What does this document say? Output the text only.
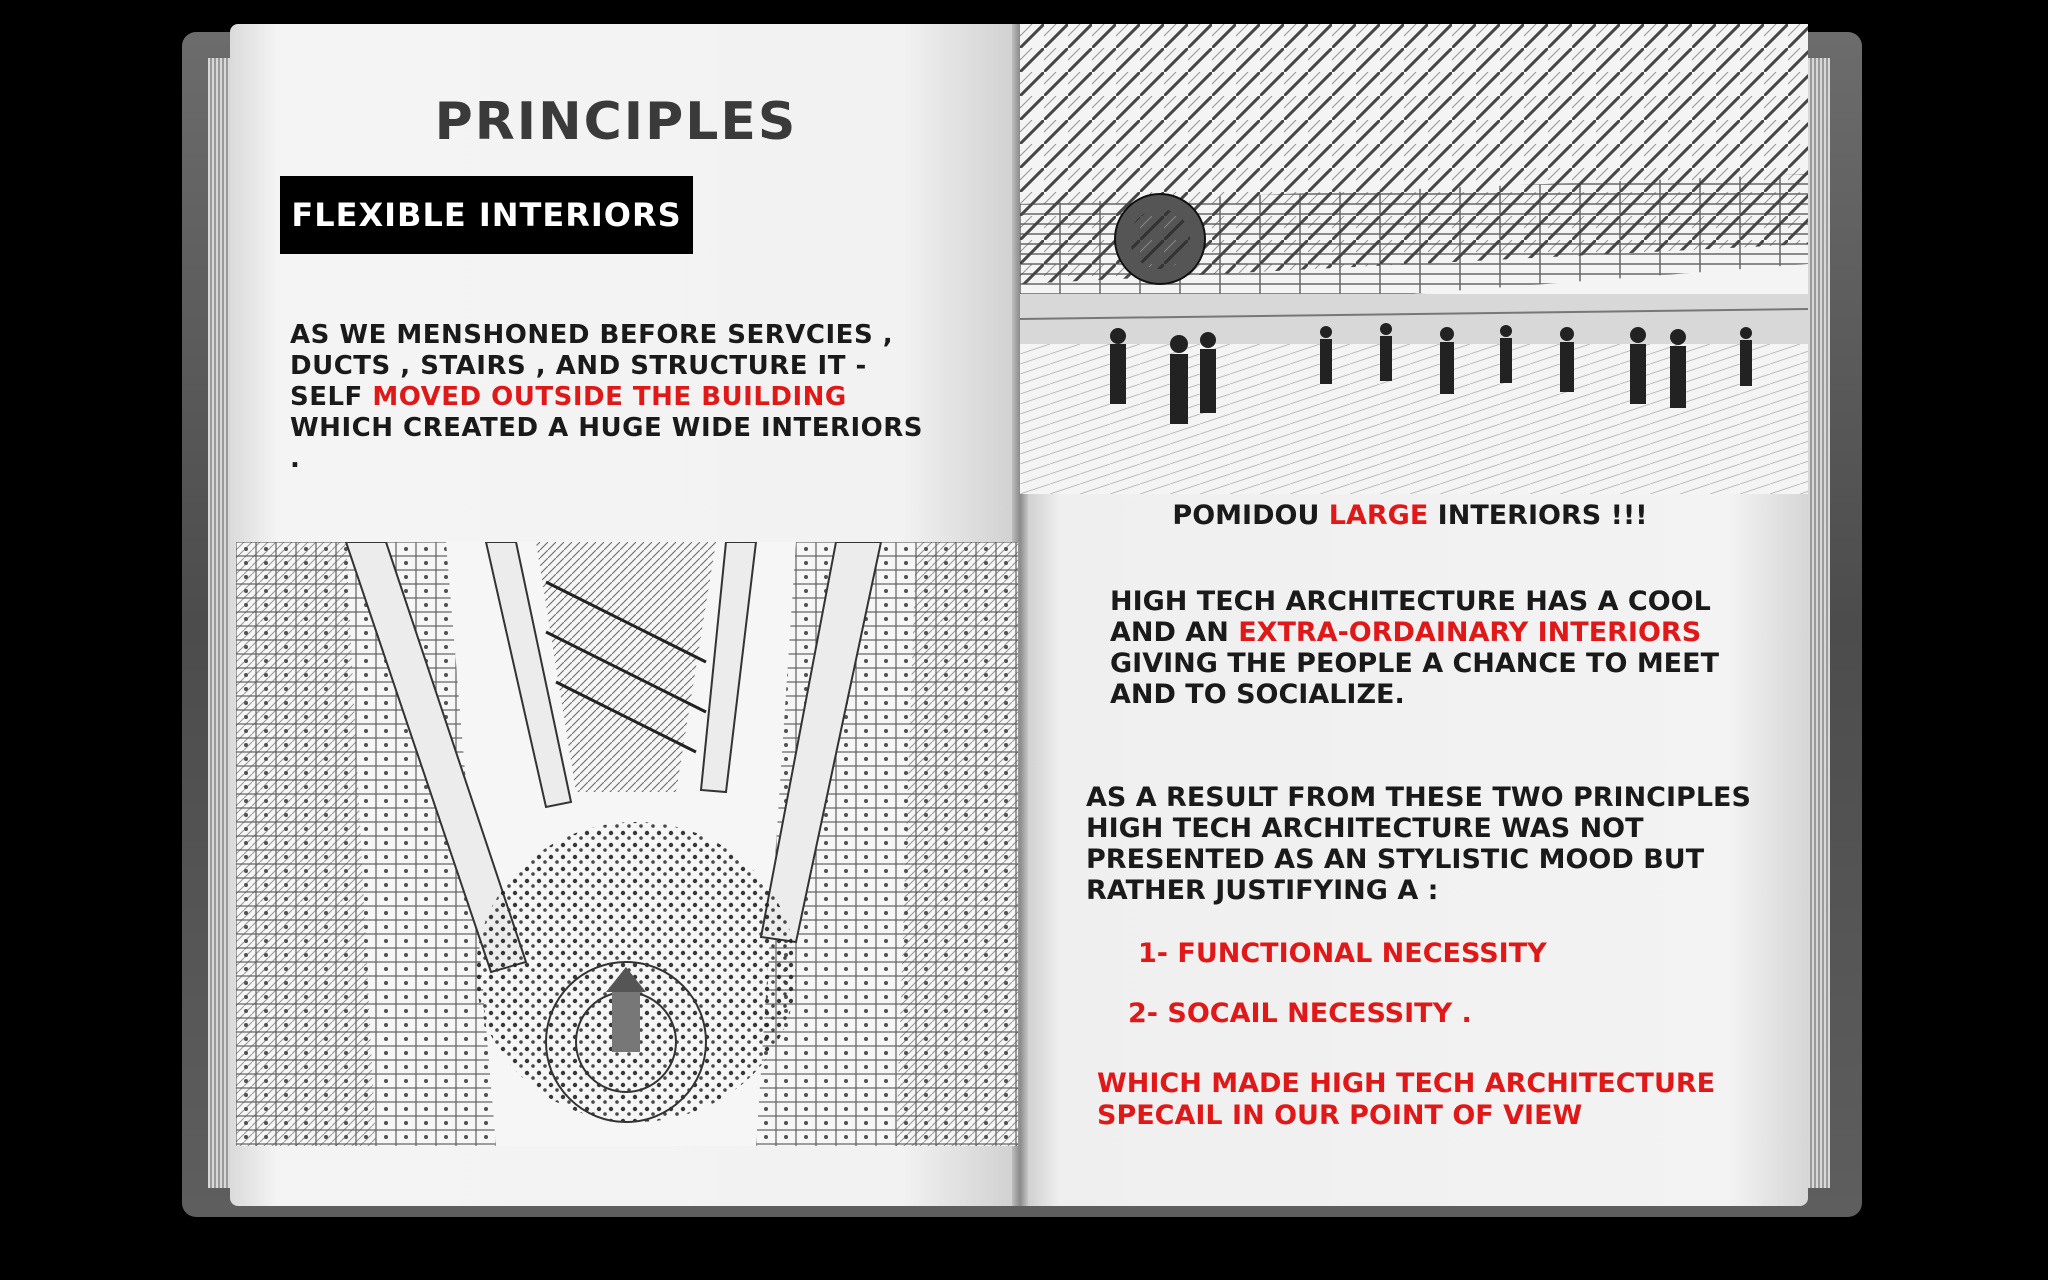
PRINCIPLES
FLEXIBLE INTERIORS
AS WE MENSHONED BEFORE SERVCIES , DUCTS , STAIRS , AND STRUCTURE IT - SELF MOVED OUTSIDE THE BUILDING WHICH CREATED A HUGE WIDE INTERIORS .
POMIDOU LARGE INTERIORS !!!
HIGH TECH ARCHITECTURE HAS A COOL AND AN EXTRA-ORDAINARY INTERIORS GIVING THE PEOPLE A CHANCE TO MEET AND TO SOCIALIZE.
AS A RESULT FROM THESE TWO PRINCIPLES HIGH TECH ARCHITECTURE WAS NOT PRESENTED AS AN STYLISTIC MOOD BUT RATHER JUSTIFYING A :
1- FUNCTIONAL NECESSITY
2- SOCAIL NECESSITY .
WHICH MADE HIGH TECH ARCHITECTURE SPECAIL IN OUR POINT OF VIEW
